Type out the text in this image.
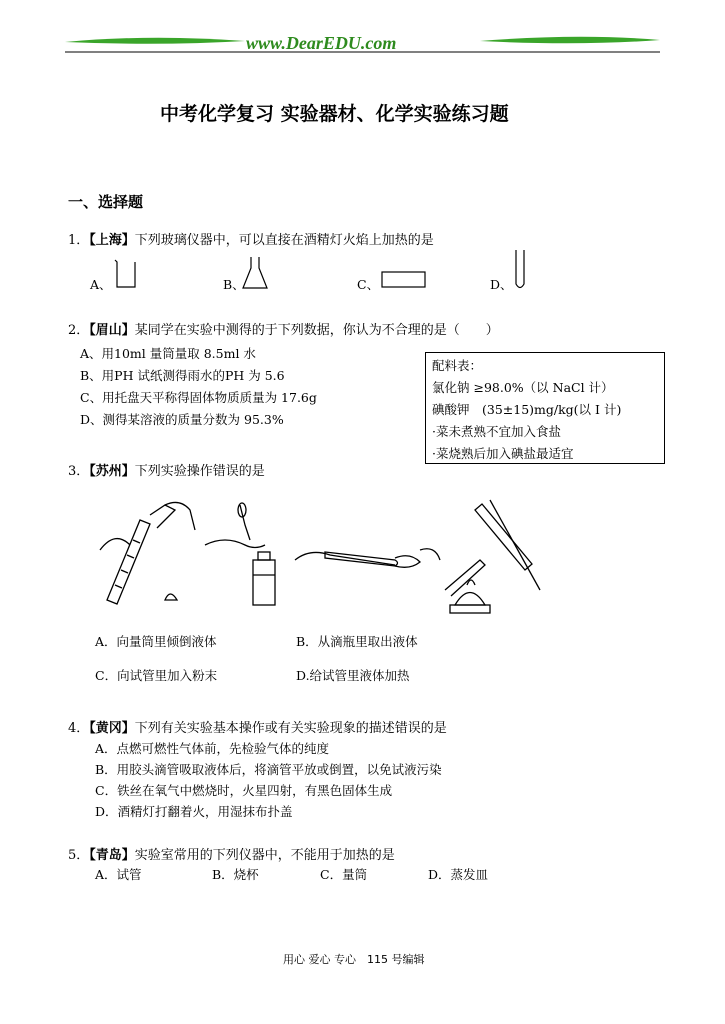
www.DearEDU.com
中考化学复习 实验器材、化学实验练习题
一、选择题
1．【上海】下列玻璃仪器中，可以直接在酒精灯火焰上加热的是
A、	B、	C、	D、
2．【眉山】某同学在实验中测得的于下列数据，你认为不合理的是（　　）
A、用10ml 量筒量取 8.5ml 水
B、用PH 试纸测得雨水的PH 为 5.6
C、用托盘天平称得固体物质质量为 17.6g
D、测得某溶液的质量分数为 95.3%
配料表：
氯化钠 ≥98.0%（以 NaCl 计）
碘酸钾　(35±15)mg/kg(以 I 计)
·菜未煮熟不宜加入食盐
·菜烧熟后加入碘盐最适宜
3．【苏州】下列实验操作错误的是
A．向量筒里倾倒液体	B．从滴瓶里取出液体
C．向试管里加入粉末	D.给试管里液体加热
4．【黄冈】下列有关实验基本操作或有关实验现象的描述错误的是
A．点燃可燃性气体前，先检验气体的纯度
B．用胶头滴管吸取液体后，将滴管平放或倒置，以免试液污染
C．铁丝在氧气中燃烧时，火星四射，有黑色固体生成
D．酒精灯打翻着火，用湿抹布扑盖
5．【青岛】实验室常用的下列仪器中，不能用于加热的是
A．试管	B．烧杯	C．量筒	D．蒸发皿
用心 爱心 专心　115 号编辑
